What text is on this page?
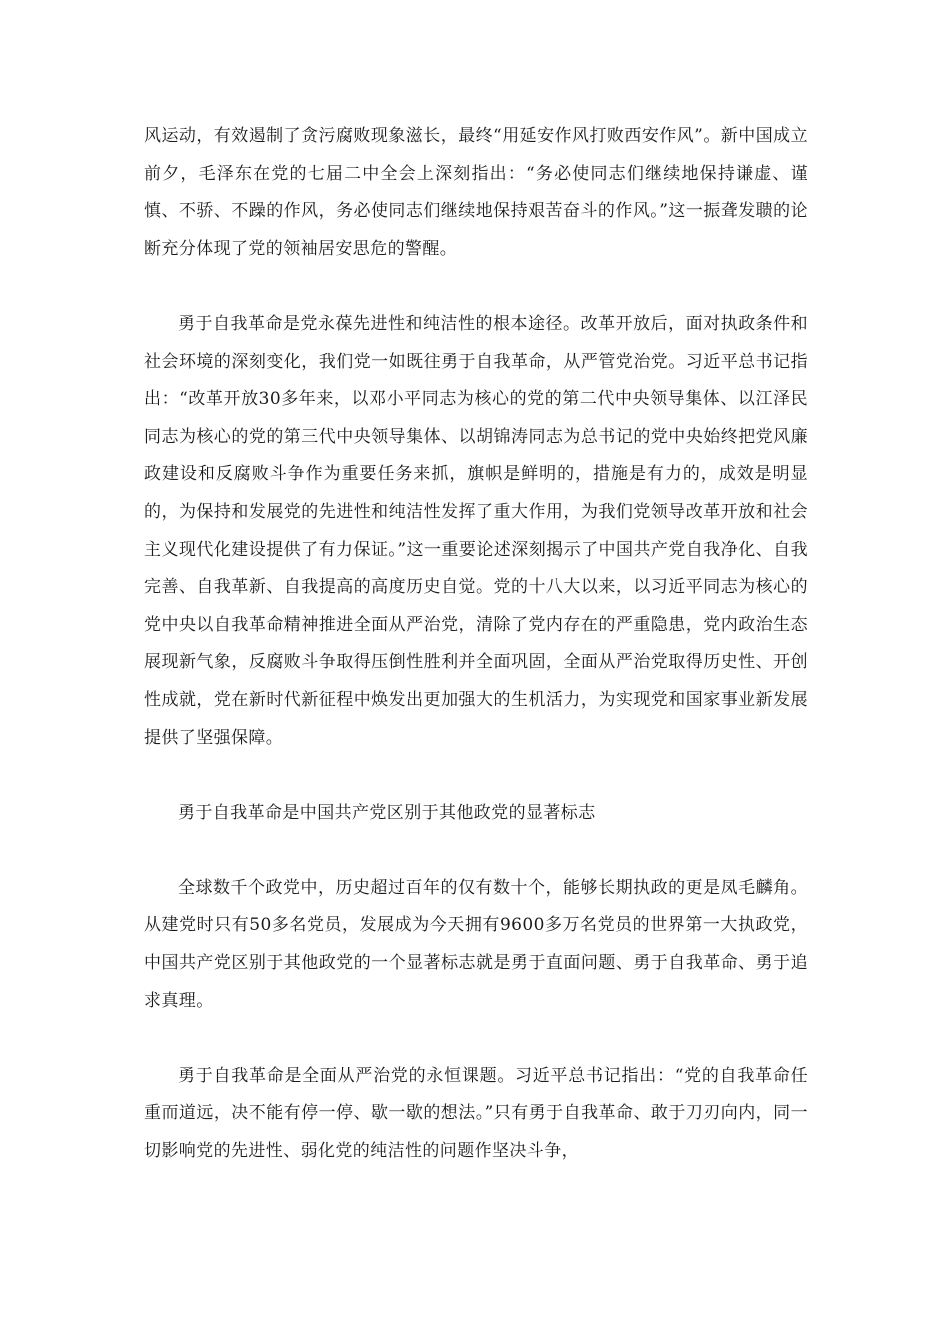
风运动，有效遏制了贪污腐败现象滋长，最终“用延安作风打败西安作风”。新中国成立前夕，毛泽东在党的七届二中全会上深刻指出：“务必使同志们继续地保持谦虚、谨慎、不骄、不躁的作风，务必使同志们继续地保持艰苦奋斗的作风。”这一振聋发聩的论断充分体现了党的领袖居安思危的警醒。

勇于自我革命是党永葆先进性和纯洁性的根本途径。改革开放后，面对执政条件和社会环境的深刻变化，我们党一如既往勇于自我革命，从严管党治党。习近平总书记指出：“改革开放30多年来，以邓小平同志为核心的党的第二代中央领导集体、以江泽民同志为核心的党的第三代中央领导集体、以胡锦涛同志为总书记的党中央始终把党风廉政建设和反腐败斗争作为重要任务来抓，旗帜是鲜明的，措施是有力的，成效是明显的，为保持和发展党的先进性和纯洁性发挥了重大作用，为我们党领导改革开放和社会主义现代化建设提供了有力保证。”这一重要论述深刻揭示了中国共产党自我净化、自我完善、自我革新、自我提高的高度历史自觉。党的十八大以来，以习近平同志为核心的党中央以自我革命精神推进全面从严治党，清除了党内存在的严重隐患，党内政治生态展现新气象，反腐败斗争取得压倒性胜利并全面巩固，全面从严治党取得历史性、开创性成就，党在新时代新征程中焕发出更加强大的生机活力，为实现党和国家事业新发展提供了坚强保障。

勇于自我革命是中国共产党区别于其他政党的显著标志

全球数千个政党中，历史超过百年的仅有数十个，能够长期执政的更是凤毛麟角。从建党时只有50多名党员，发展成为今天拥有9600多万名党员的世界第一大执政党，中国共产党区别于其他政党的一个显著标志就是勇于直面问题、勇于自我革命、勇于追求真理。

勇于自我革命是全面从严治党的永恒课题。习近平总书记指出：“党的自我革命任重而道远，决不能有停一停、歇一歇的想法。”只有勇于自我革命、敢于刀刃向内，同一切影响党的先进性、弱化党的纯洁性的问题作坚决斗争，
